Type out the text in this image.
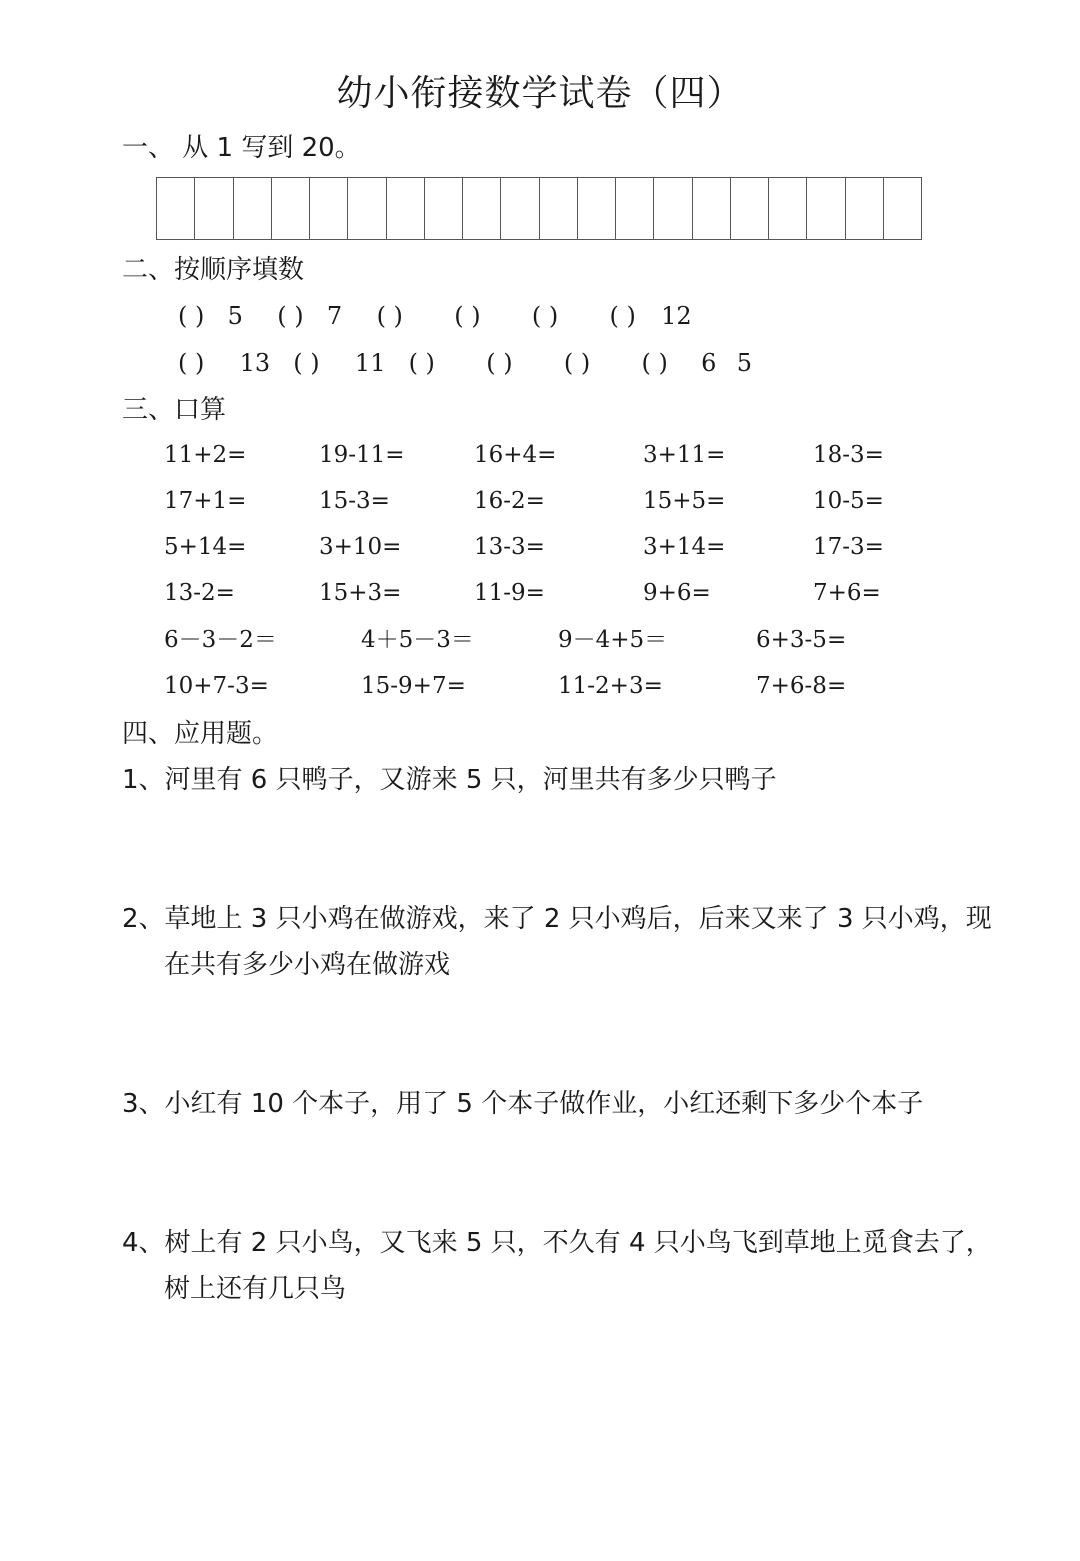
幼小衔接数学试卷（四）
一、 从 1 写到 20。
二、按顺序填数
( ) 5 ( ) 7 ( ) ( ) ( ) ( ) 12
( ) 13 ( ) 11 ( ) ( ) ( ) ( ) 6 5
三、口算
11+2=	19-11=	16+4=	3+11=	18-3=
17+1=	15-3=	16-2=	15+5=	10-5=
5+14=	3+10=	13-3=	3+14=	17-3=
13-2=	15+3=	11-9=	9+6=	7+6=
6－3－2＝	4＋5－3＝	9－4+5＝	6+3-5=
10+7-3=	15-9+7=	11-2+3=	7+6-8=
四、应用题。
1、河里有 6 只鸭子，又游来 5 只，河里共有多少只鸭子
2、草地上 3 只小鸡在做游戏，来了 2 只小鸡后，后来又来了 3 只小鸡，现在共有多少小鸡在做游戏
3、小红有 10 个本子，用了 5 个本子做作业，小红还剩下多少个本子
4、树上有 2 只小鸟，又飞来 5 只，不久有 4 只小鸟飞到草地上觅食去了，树上还有几只鸟
